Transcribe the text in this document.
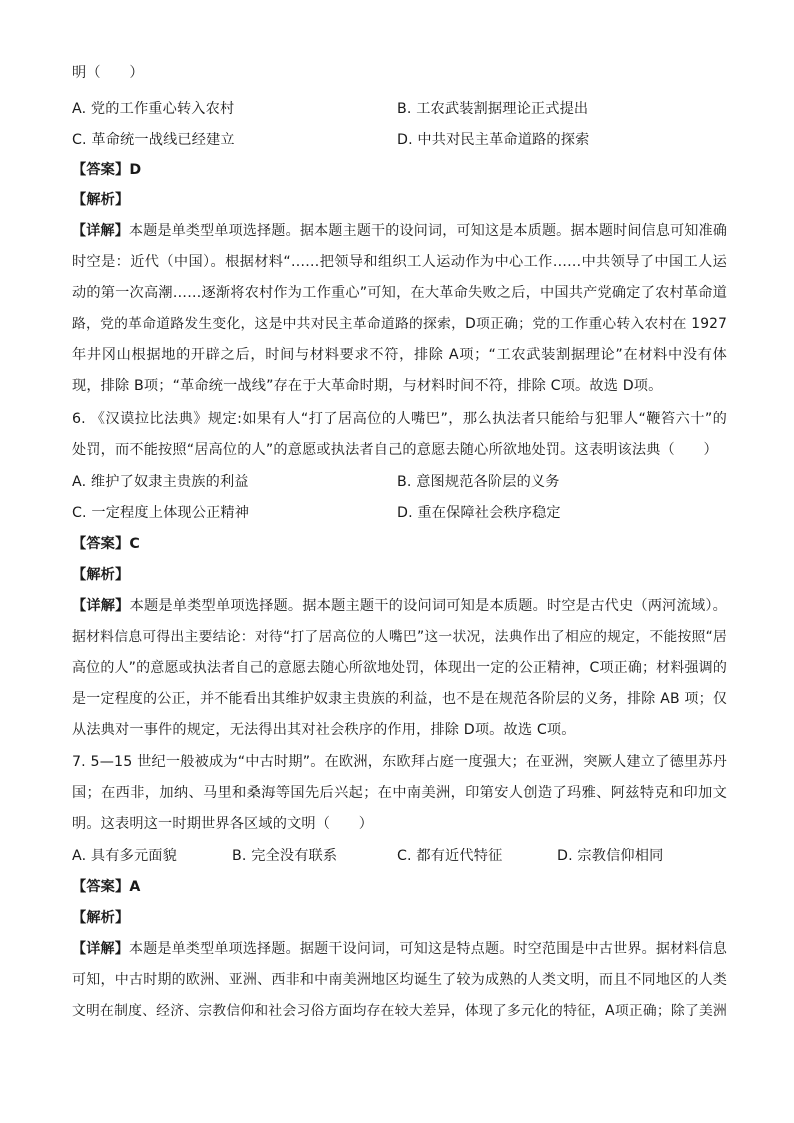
明（　　）
A. 党的工作重心转入农村	B. 工农武装割据理论正式提出
C. 革命统一战线已经建立	D. 中共对民主革命道路的探索
【答案】D
【解析】
【详解】本题是单类型单项选择题。据本题主题干的设问词，可知这是本质题。据本题时间信息可知准确
时空是：近代（中国）。根据材料“……把领导和组织工人运动作为中心工作……中共领导了中国工人运
动的第一次高潮……逐渐将农村作为工作重心”可知，在大革命失败之后，中国共产党确定了农村革命道
路，党的革命道路发生变化，这是中共对民主革命道路的探索，D项正确；党的工作重心转入农村在 1927
年井冈山根据地的开辟之后，时间与材料要求不符，排除 A项；“工农武装割据理论”在材料中没有体
现，排除 B项；“革命统一战线”存在于大革命时期，与材料时间不符，排除 C项。故选 D项。
6. 《汉谟拉比法典》规定:如果有人“打了居高位的人嘴巴”，那么执法者只能给与犯罪人“鞭笞六十”的
处罚，而不能按照“居高位的人”的意愿或执法者自己的意愿去随心所欲地处罚。这表明该法典（　　）
A. 维护了奴隶主贵族的利益	B. 意图规范各阶层的义务
C. 一定程度上体现公正精神	D. 重在保障社会秩序稳定
【答案】C
【解析】
【详解】本题是单类型单项选择题。据本题主题干的设问词可知是本质题。时空是古代史（两河流域）。
据材料信息可得出主要结论：对待“打了居高位的人嘴巴”这一状况，法典作出了相应的规定，不能按照“居
高位的人”的意愿或执法者自己的意愿去随心所欲地处罚，体现出一定的公正精神，C项正确；材料强调的
是一定程度的公正，并不能看出其维护奴隶主贵族的利益，也不是在规范各阶层的义务，排除 AB 项；仅
从法典对一事件的规定，无法得出其对社会秩序的作用，排除 D项。故选 C项。
7. 5—15 世纪一般被成为“中古时期”。在欧洲，东欧拜占庭一度强大；在亚洲，突厥人建立了德里苏丹
国；在西非，加纳、马里和桑海等国先后兴起；在中南美洲，印第安人创造了玛雅、阿兹特克和印加文
明。这表明这一时期世界各区域的文明（　　）
A. 具有多元面貌	B. 完全没有联系	C. 都有近代特征	D. 宗教信仰相同
【答案】A
【解析】
【详解】本题是单类型单项选择题。据题干设问词，可知这是特点题。时空范围是中古世界。据材料信息
可知，中古时期的欧洲、亚洲、西非和中南美洲地区均诞生了较为成熟的人类文明，而且不同地区的人类
文明在制度、经济、宗教信仰和社会习俗方面均存在较大差异，体现了多元化的特征，A项正确；除了美洲
